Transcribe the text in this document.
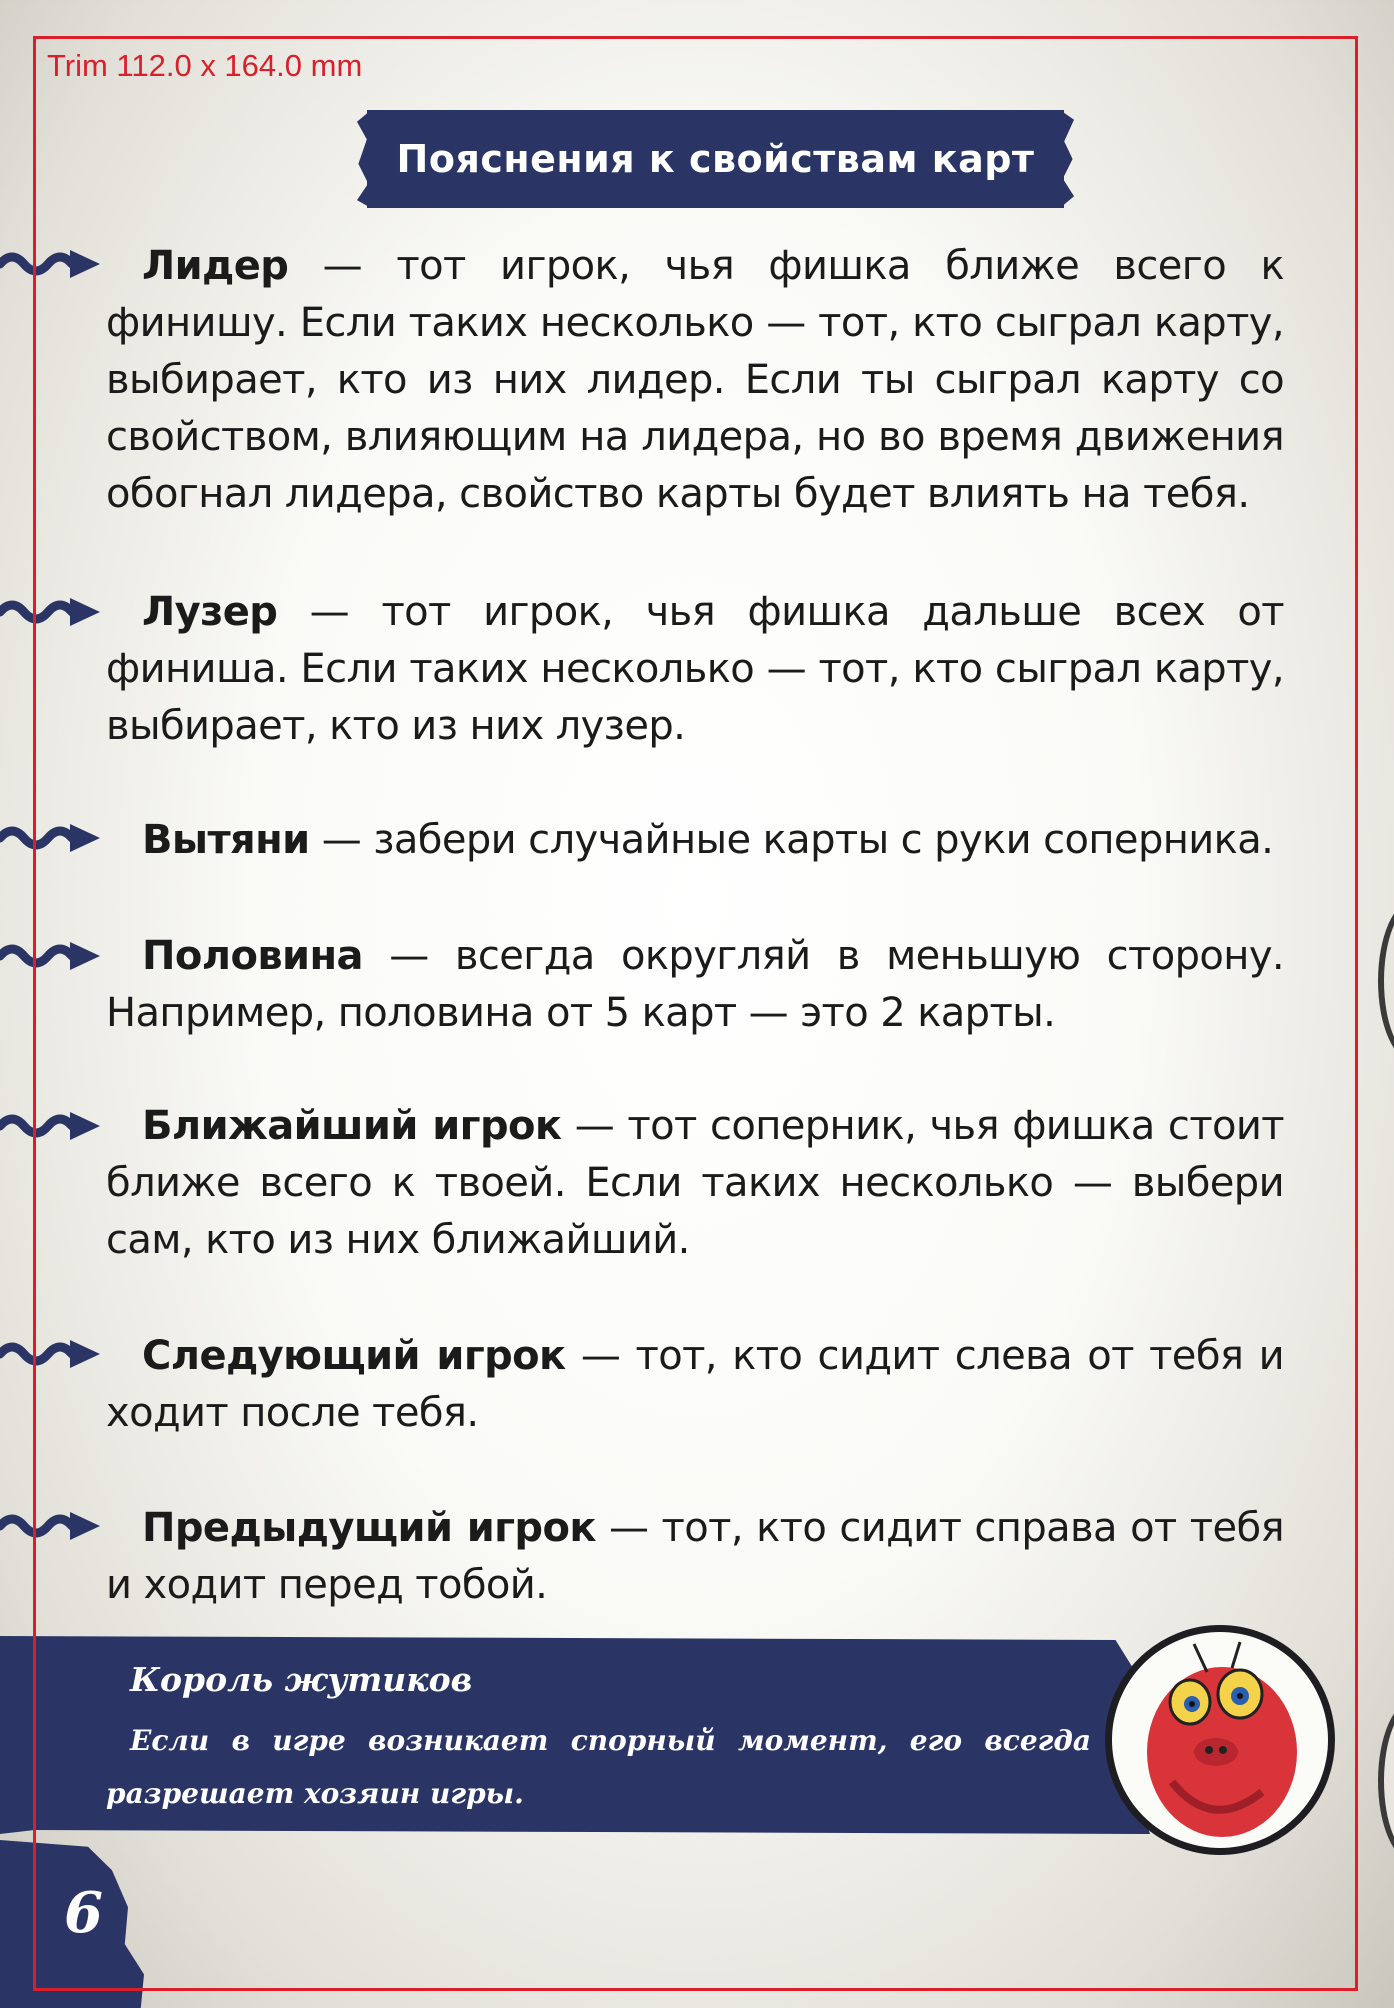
Trim 112.0 x 164.0 mm
Пояснения к свойствам карт

Лидер — тот игрок, чья фишка ближе всего к финишу. Если таких несколько — тот, кто сыграл карту, выбирает, кто из них лидер. Если ты сыграл карту со свойством, влияющим на лидера, но во время движения обогнал лидера, свойство карты будет влиять на тебя.

Лузер — тот игрок, чья фишка дальше всех от финиша. Если таких несколько — тот, кто сыграл карту, выбирает, кто из них лузер.

Вытяни — забери случайные карты с руки соперника.

Половина — всегда округляй в меньшую сторону. Например, половина от 5 карт — это 2 карты.

Ближайший игрок — тот соперник, чья фишка стоит ближе всего к твоей. Если таких несколько — выбери сам, кто из них ближайший.

Следующий игрок — тот, кто сидит слева от тебя и ходит после тебя.

Предыдущий игрок — тот, кто сидит справа от тебя и ходит перед тобой.

Король жутиков
Если в игре возникает спорный момент, его всегда разрешает хозяин игры.
6
